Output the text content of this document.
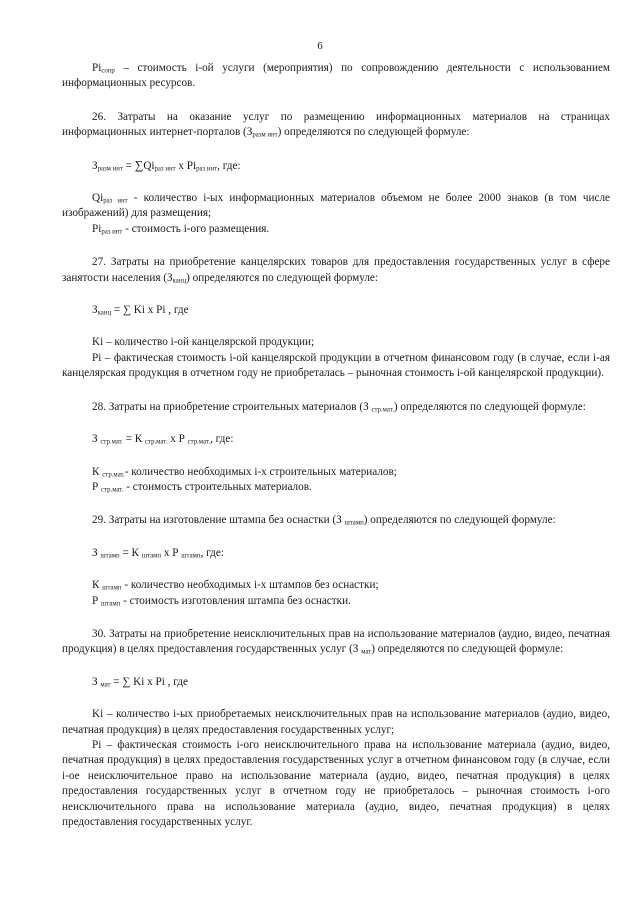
6

$Pi_{сопр}$ – стоимость i-ой услуги (мероприятия) по сопровождению деятельности с использованием информационных ресурсов.

26. Затраты на оказание услуг по размещению информационных материалов на страницах информационных интернет-порталов $(З_{разм инт})$ определяются по следующей формуле:

$З_{разм инт} = \sum Qi_{раз инт}$ х $Pi_{раз инт}$, где:

$Qi_{раз инт}$ - количество i-ых информационных материалов объемом не более 2000 знаков (в том числе изображений) для размещения;

$Pi_{раз инт}$ - стоимость i-ого размещения.

27. Затраты на приобретение канцелярских товаров для предоставления государственных услуг в сфере занятости населения $(З_{канц})$ определяются по следующей формуле:

$З_{канц}$ = ∑ Ki х Pi , где

Ki – количество i-ой канцелярской продукции;

Pi – фактическая стоимость i-ой канцелярской продукции в отчетном финансовом году (в случае, если i-ая канцелярская продукция в отчетном году не приобреталась – рыночная стоимость i-ой канцелярской продукции).

28. Затраты на приобретение строительных материалов (З $_{стр.мат.}$) определяются по следующей формуле:

З $_{стр.мат.}$ = К $_{стр.мат.}$ х Р $_{стр.мат.}$, где:

К $_{стр.мат.}$- количество необходимых i-х строительных материалов;

Р $_{стр.мат.}$ - стоимость строительных материалов.

29. Затраты на изготовление штампа без оснастки (З $_{штамп}$) определяются по следующей формуле:

З $_{штамп}$ = К $_{штамп}$ х Р $_{штамп}$, где:

К $_{штамп}$ - количество необходимых i-х штампов без оснастки;

Р $_{штамп}$ - стоимость изготовления штампа без оснастки.

30. Затраты на приобретение неисключительных прав на использование материалов (аудио, видео, печатная продукция) в целях предоставления государственных услуг (З $_{мат}$) определяются по следующей формуле:

З $_{мат}$ = ∑ Ki х Pi , где

Ki – количество i-ых приобретаемых неисключительных прав на использование материалов (аудио, видео, печатная продукция) в целях предоставления государственных услуг;

Pi – фактическая стоимость i-ого неисключительного права на использование материала (аудио, видео, печатная продукция) в целях предоставления государственных услуг в отчетном финансовом году (в случае, если i-ое неисключительное право на использование материала (аудио, видео, печатная продукция) в целях предоставления государственных услуг в отчетном году не приобреталось – рыночная стоимость i-ого неисключительного права на использование материала (аудио, видео, печатная продукция) в целях предоставления государственных услуг.
